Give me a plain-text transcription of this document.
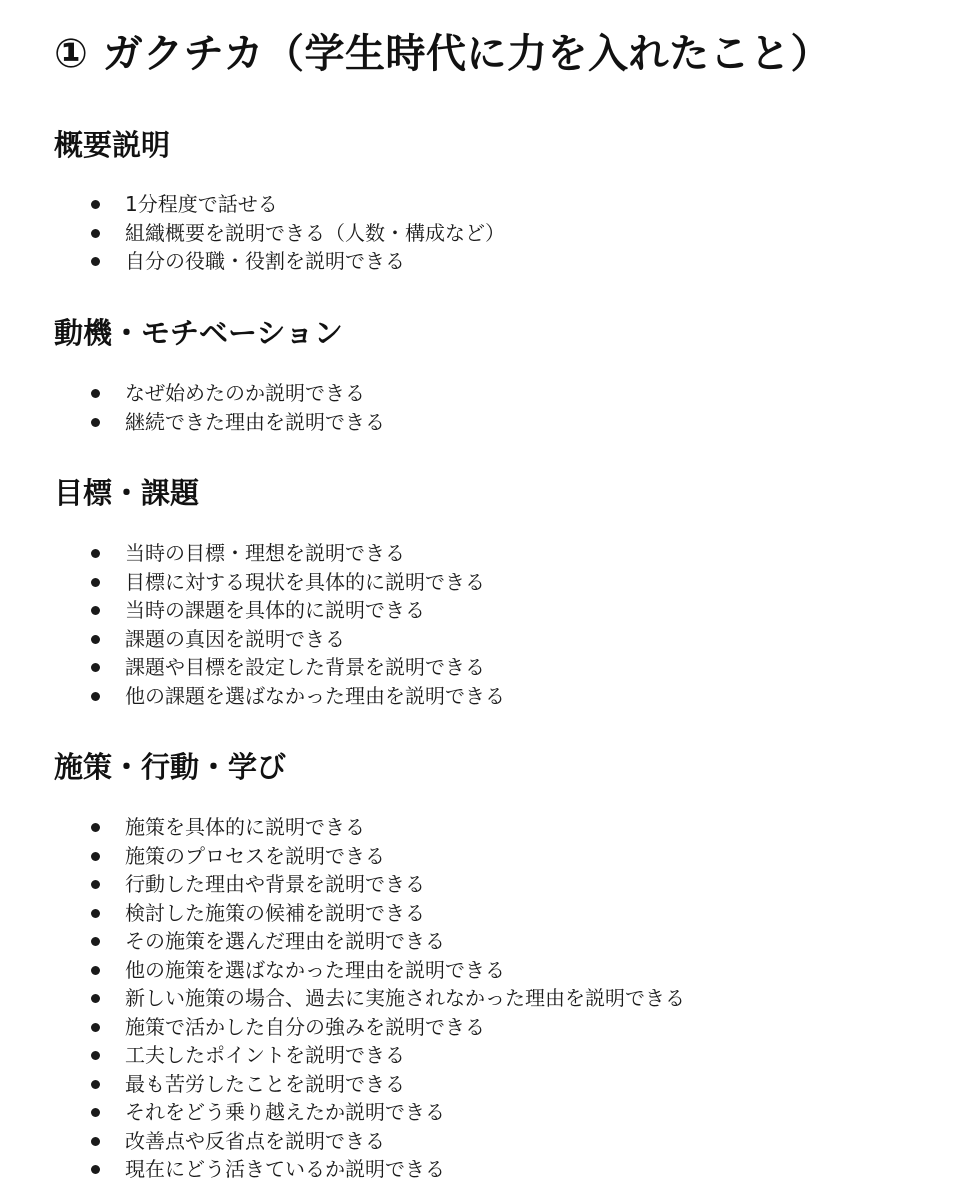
① ガクチカ（学生時代に力を入れたこと）
概要説明
1分程度で話せる
組織概要を説明できる（人数・構成など）
自分の役職・役割を説明できる
動機・モチベーション
なぜ始めたのか説明できる
継続できた理由を説明できる
目標・課題
当時の目標・理想を説明できる
目標に対する現状を具体的に説明できる
当時の課題を具体的に説明できる
課題の真因を説明できる
課題や目標を設定した背景を説明できる
他の課題を選ばなかった理由を説明できる
施策・行動・学び
施策を具体的に説明できる
施策のプロセスを説明できる
行動した理由や背景を説明できる
検討した施策の候補を説明できる
その施策を選んだ理由を説明できる
他の施策を選ばなかった理由を説明できる
新しい施策の場合、過去に実施されなかった理由を説明できる
施策で活かした自分の強みを説明できる
工夫したポイントを説明できる
最も苦労したことを説明できる
それをどう乗り越えたか説明できる
改善点や反省点を説明できる
現在にどう活きているか説明できる
